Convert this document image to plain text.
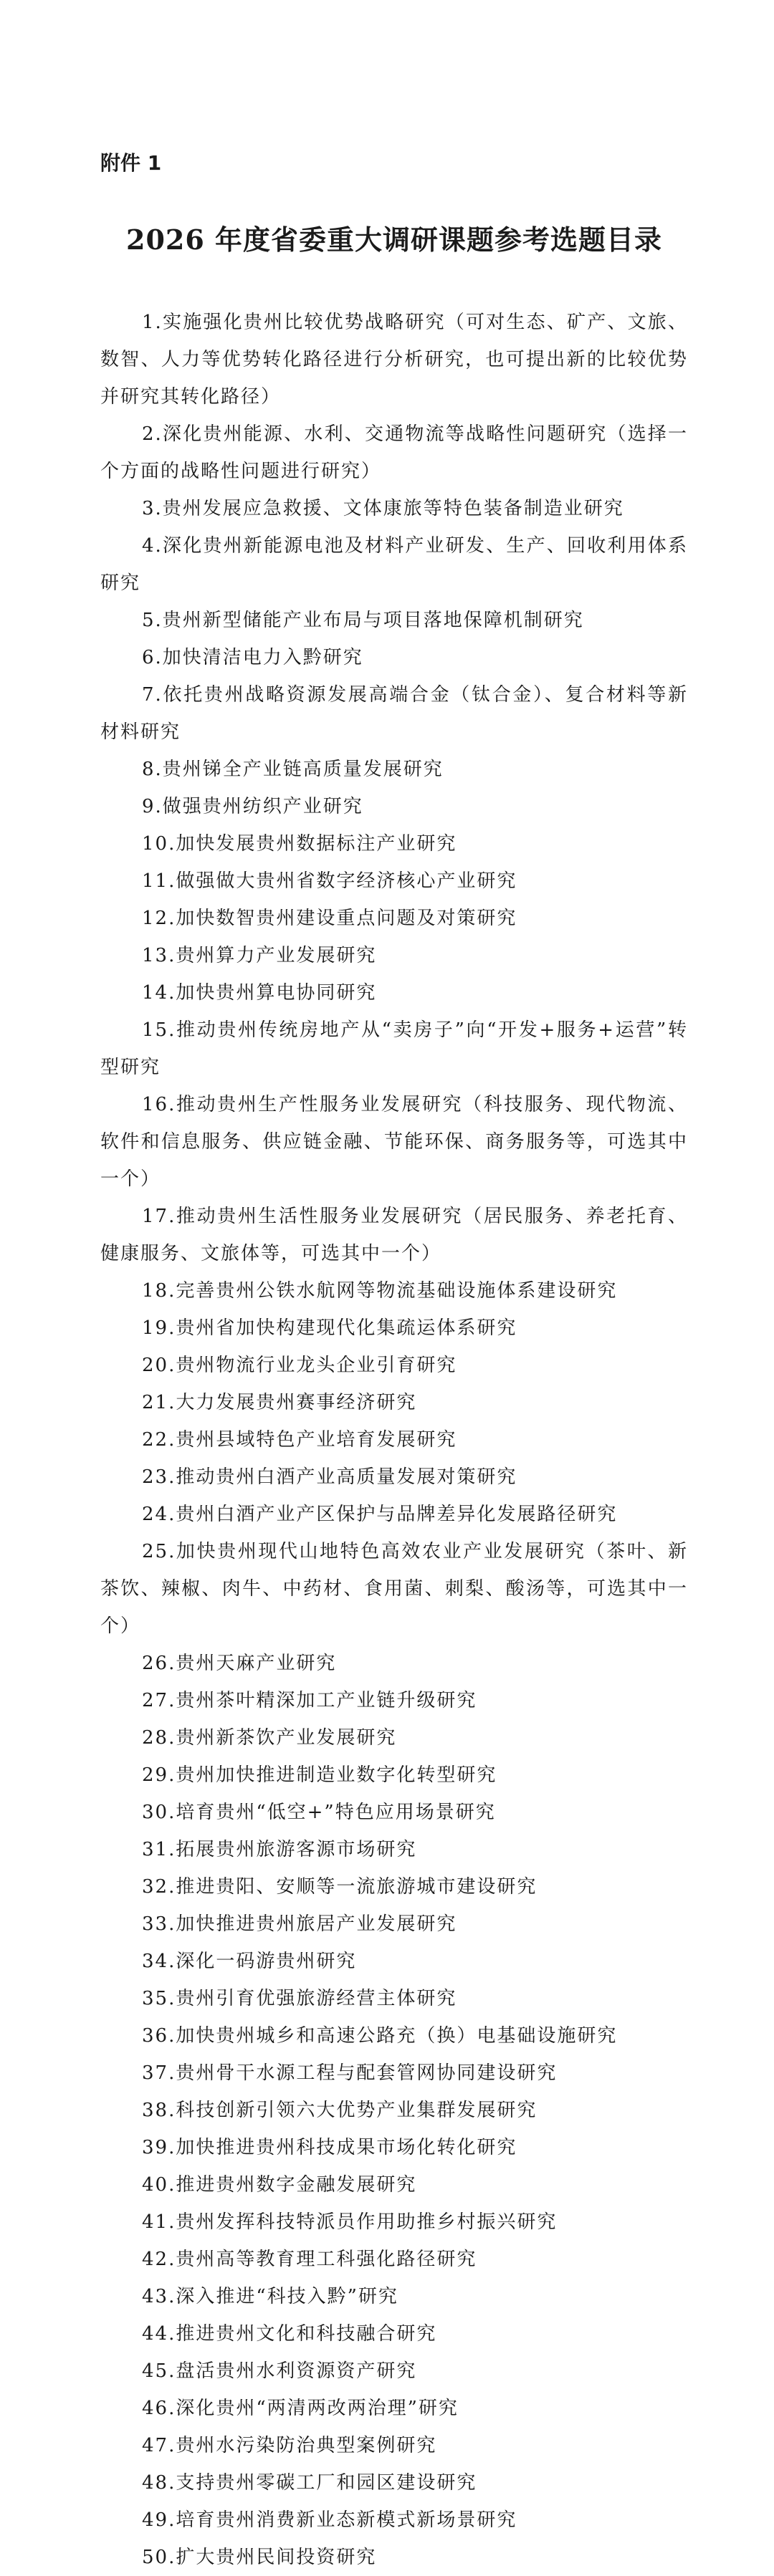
附件 1
2026 年度省委重大调研课题参考选题目录

1.实施强化贵州比较优势战略研究（可对生态、矿产、文旅、数智、人力等优势转化路径进行分析研究，也可提出新的比较优势并研究其转化路径）

2.深化贵州能源、水利、交通物流等战略性问题研究（选择一个方面的战略性问题进行研究）

3.贵州发展应急救援、文体康旅等特色装备制造业研究

4.深化贵州新能源电池及材料产业研发、生产、回收利用体系研究

5.贵州新型储能产业布局与项目落地保障机制研究

6.加快清洁电力入黔研究

7.依托贵州战略资源发展高端合金（钛合金）、复合材料等新材料研究

8.贵州锑全产业链高质量发展研究

9.做强贵州纺织产业研究

10.加快发展贵州数据标注产业研究

11.做强做大贵州省数字经济核心产业研究

12.加快数智贵州建设重点问题及对策研究

13.贵州算力产业发展研究

14.加快贵州算电协同研究

15.推动贵州传统房地产从“卖房子”向“开发+服务+运营”转型研究

16.推动贵州生产性服务业发展研究（科技服务、现代物流、软件和信息服务、供应链金融、节能环保、商务服务等，可选其中一个）

17.推动贵州生活性服务业发展研究（居民服务、养老托育、健康服务、文旅体等，可选其中一个）

18.完善贵州公铁水航网等物流基础设施体系建设研究

19.贵州省加快构建现代化集疏运体系研究

20.贵州物流行业龙头企业引育研究

21.大力发展贵州赛事经济研究

22.贵州县域特色产业培育发展研究

23.推动贵州白酒产业高质量发展对策研究

24.贵州白酒产业产区保护与品牌差异化发展路径研究

25.加快贵州现代山地特色高效农业产业发展研究（茶叶、新茶饮、辣椒、肉牛、中药材、食用菌、刺梨、酸汤等，可选其中一个）

26.贵州天麻产业研究

27.贵州茶叶精深加工产业链升级研究

28.贵州新茶饮产业发展研究

29.贵州加快推进制造业数字化转型研究

30.培育贵州“低空+”特色应用场景研究

31.拓展贵州旅游客源市场研究

32.推进贵阳、安顺等一流旅游城市建设研究

33.加快推进贵州旅居产业发展研究

34.深化一码游贵州研究

35.贵州引育优强旅游经营主体研究

36.加快贵州城乡和高速公路充（换）电基础设施研究

37.贵州骨干水源工程与配套管网协同建设研究

38.科技创新引领六大优势产业集群发展研究

39.加快推进贵州科技成果市场化转化研究

40.推进贵州数字金融发展研究

41.贵州发挥科技特派员作用助推乡村振兴研究

42.贵州高等教育理工科强化路径研究

43.深入推进“科技入黔”研究

44.推进贵州文化和科技融合研究

45.盘活贵州水利资源资产研究

46.深化贵州“两清两改两治理”研究

47.贵州水污染防治典型案例研究

48.支持贵州零碳工厂和园区建设研究

49.培育贵州消费新业态新模式新场景研究

50.扩大贵州民间投资研究
